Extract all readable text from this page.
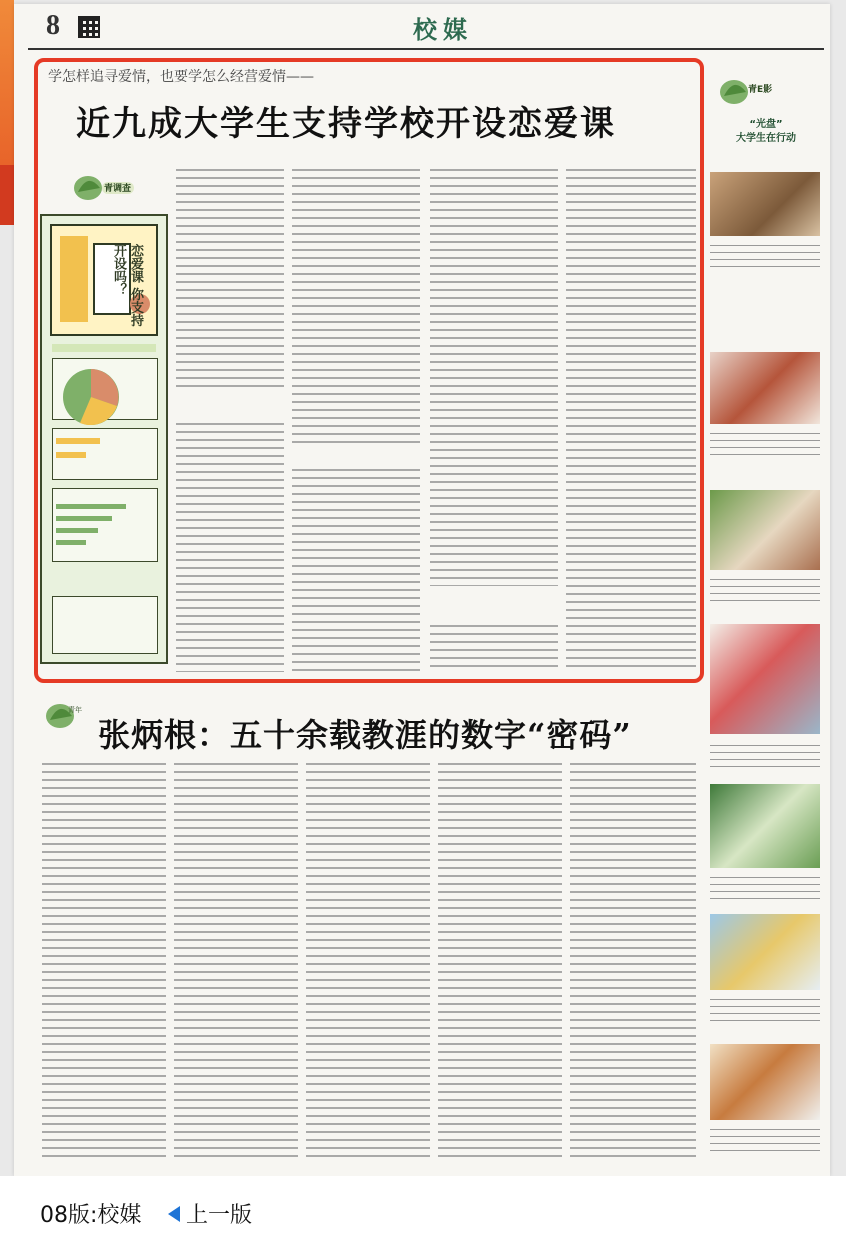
8	校媒
学怎样追寻爱情，也要学怎么经营爱情——
近九成大学生支持学校开设恋爱课
青调查
恋爱课 你支持开设吗？
青E影
“光盘”
大学生在行动
青年
张炳根：五十余载教涯的数字“密码”
08版:校媒 上一版
